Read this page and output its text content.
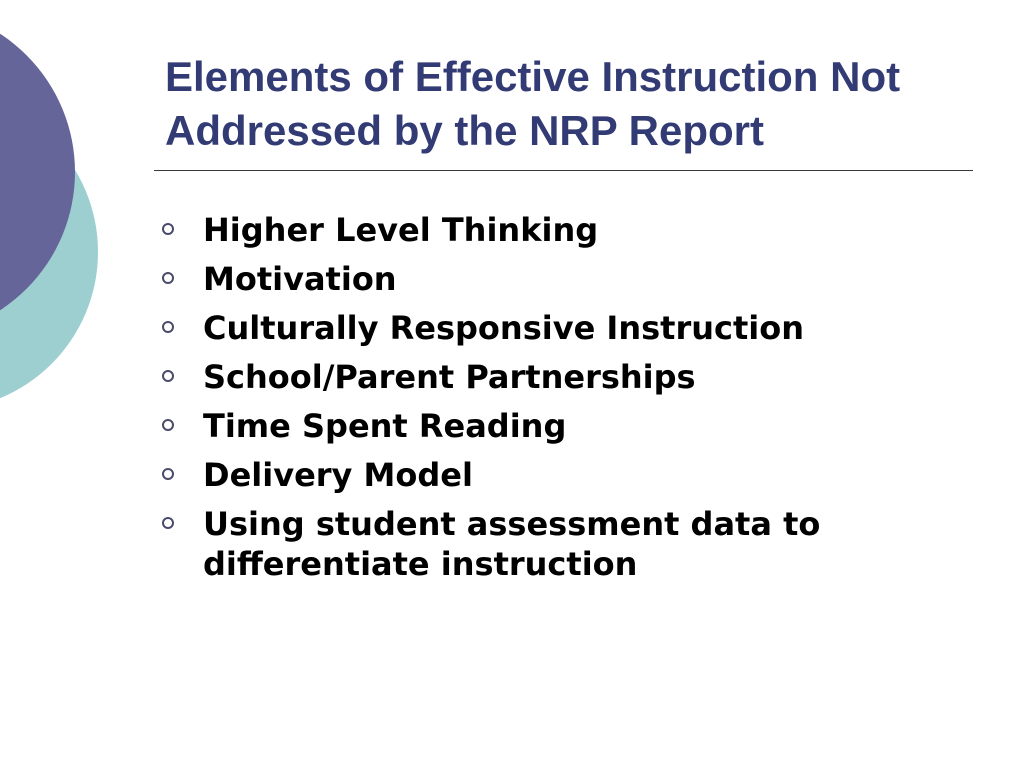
Elements of Effective Instruction Not
Addressed by the NRP Report
Higher Level Thinking
Motivation
Culturally Responsive Instruction
School/Parent Partnerships
Time Spent Reading
Delivery Model
Using student assessment data to differentiate instruction
